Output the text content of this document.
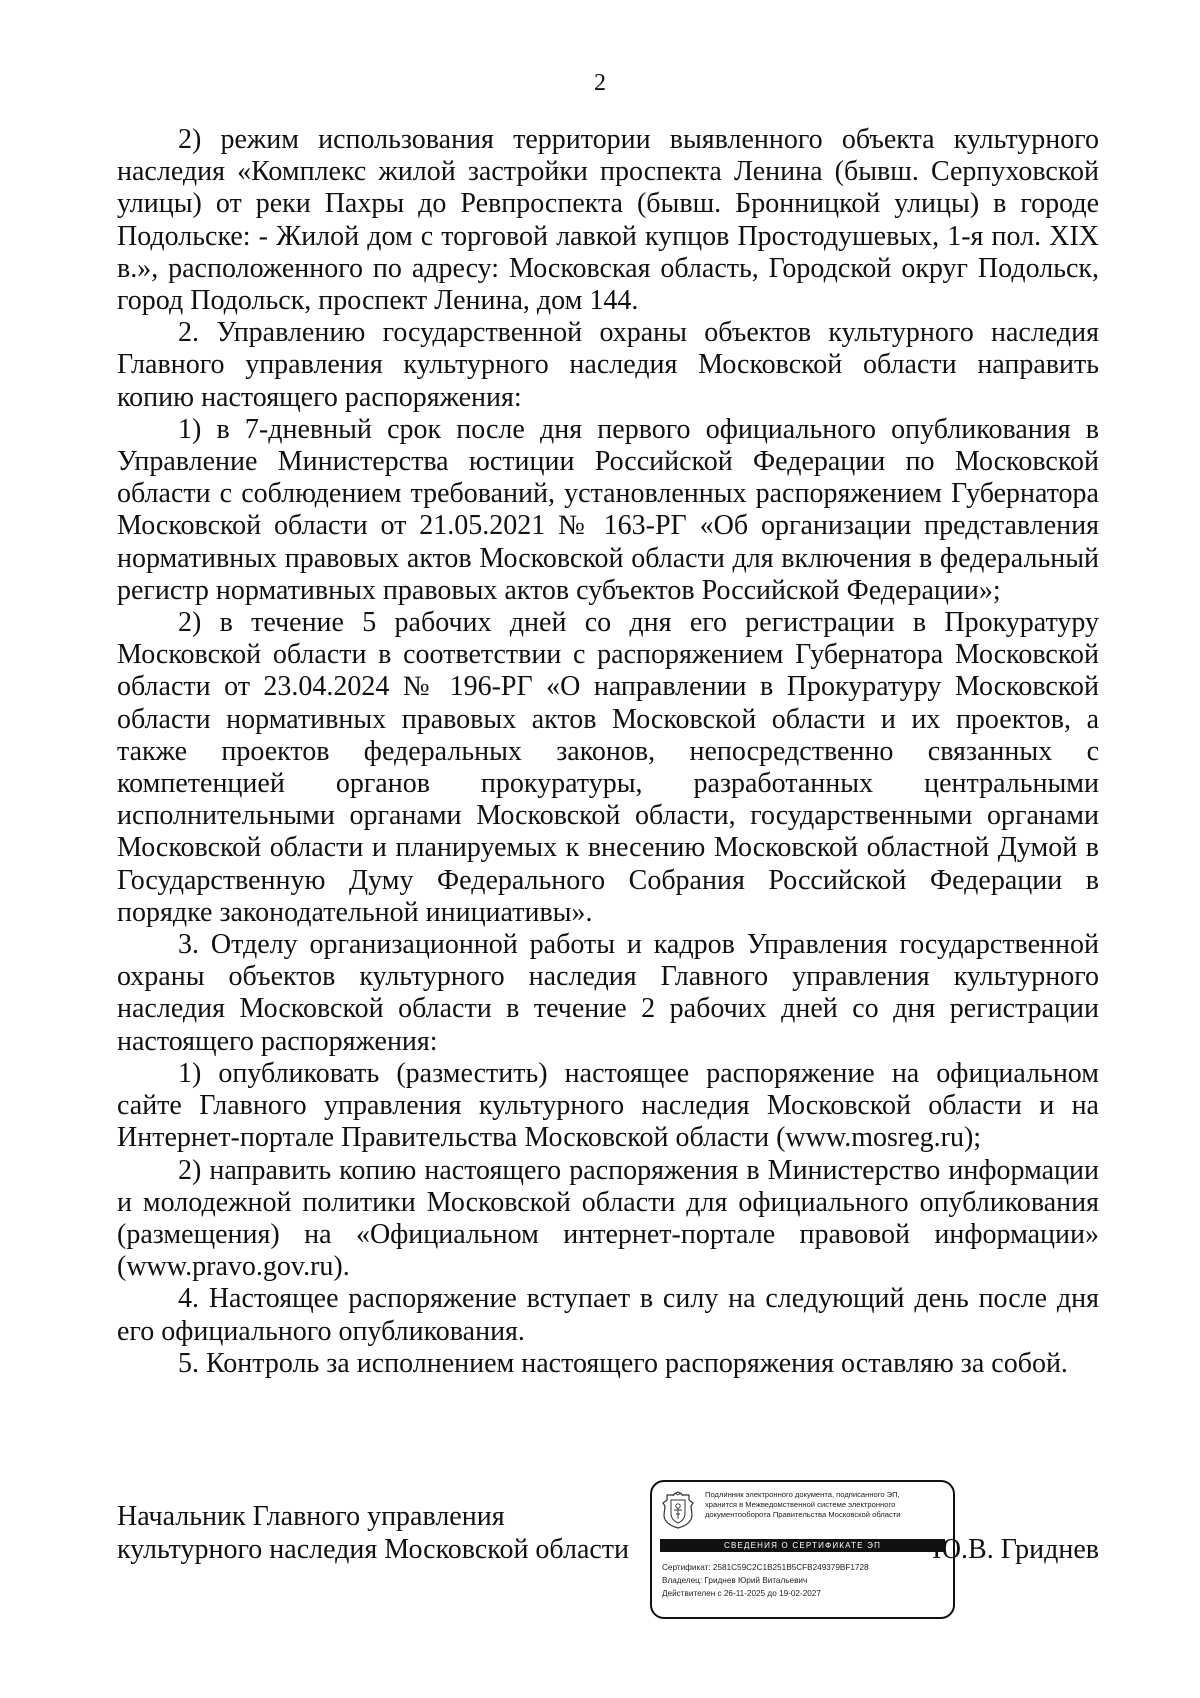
2

2) режим использования территории выявленного объекта культурного наследия «Комплекс жилой застройки проспекта Ленина (бывш. Серпуховской улицы) от реки Пахры до Ревпроспекта (бывш. Бронницкой улицы) в городе Подольске: - Жилой дом с торговой лавкой купцов Простодушевых, 1-я пол. XIX в.», расположенного по адресу: Московская область, Городской округ Подольск, город Подольск, проспект Ленина, дом 144.

2. Управлению государственной охраны объектов культурного наследия Главного управления культурного наследия Московской области направить копию настоящего распоряжения:

1) в 7-дневный срок после дня первого официального опубликования в Управление Министерства юстиции Российской Федерации по Московской области с соблюдением требований, установленных распоряжением Губернатора Московской области от 21.05.2021 № 163-РГ «Об организации представления нормативных правовых актов Московской области для включения в федеральный регистр нормативных правовых актов субъектов Российской Федерации»;

2) в течение 5 рабочих дней со дня его регистрации в Прокуратуру Московской области в соответствии с распоряжением Губернатора Московской области от 23.04.2024 № 196-РГ «О направлении в Прокуратуру Московской области нормативных правовых актов Московской области и их проектов, а также проектов федеральных законов, непосредственно связанных с компетенцией органов прокуратуры, разработанных центральными исполнительными органами Московской области, государственными органами Московской области и планируемых к внесению Московской областной Думой в Государственную Думу Федерального Собрания Российской Федерации в порядке законодательной инициативы».

3. Отделу организационной работы и кадров Управления государственной охраны объектов культурного наследия Главного управления культурного наследия Московской области в течение 2 рабочих дней со дня регистрации настоящего распоряжения:

1) опубликовать (разместить) настоящее распоряжение на официальном сайте Главного управления культурного наследия Московской области и на Интернет-портале Правительства Московской области (www.mosreg.ru);

2) направить копию настоящего распоряжения в Министерство информации и молодежной политики Московской области для официального опубликования (размещения) на «Официальном интернет-портале правовой информации» (www.pravo.gov.ru).

4. Настоящее распоряжение вступает в силу на следующий день после дня его официального опубликования.

5. Контроль за исполнением настоящего распоряжения оставляю за собой.

Начальник Главного управления
культурного наследия Московской области
Подлинник электронного документа, подписанного ЭП,
хранится в Межведомственной системе электронного
документооборота Правительства Московской области
СВЕДЕНИЯ О СЕРТИФИКАТЕ ЭП
Сертификат: 2581C59C2C1B251B5CFB249379BF1728
Владелец: Гриднев Юрий Витальевич
Действителен с 26-11-2025 до 19-02-2027
Ю.В. Гриднев
